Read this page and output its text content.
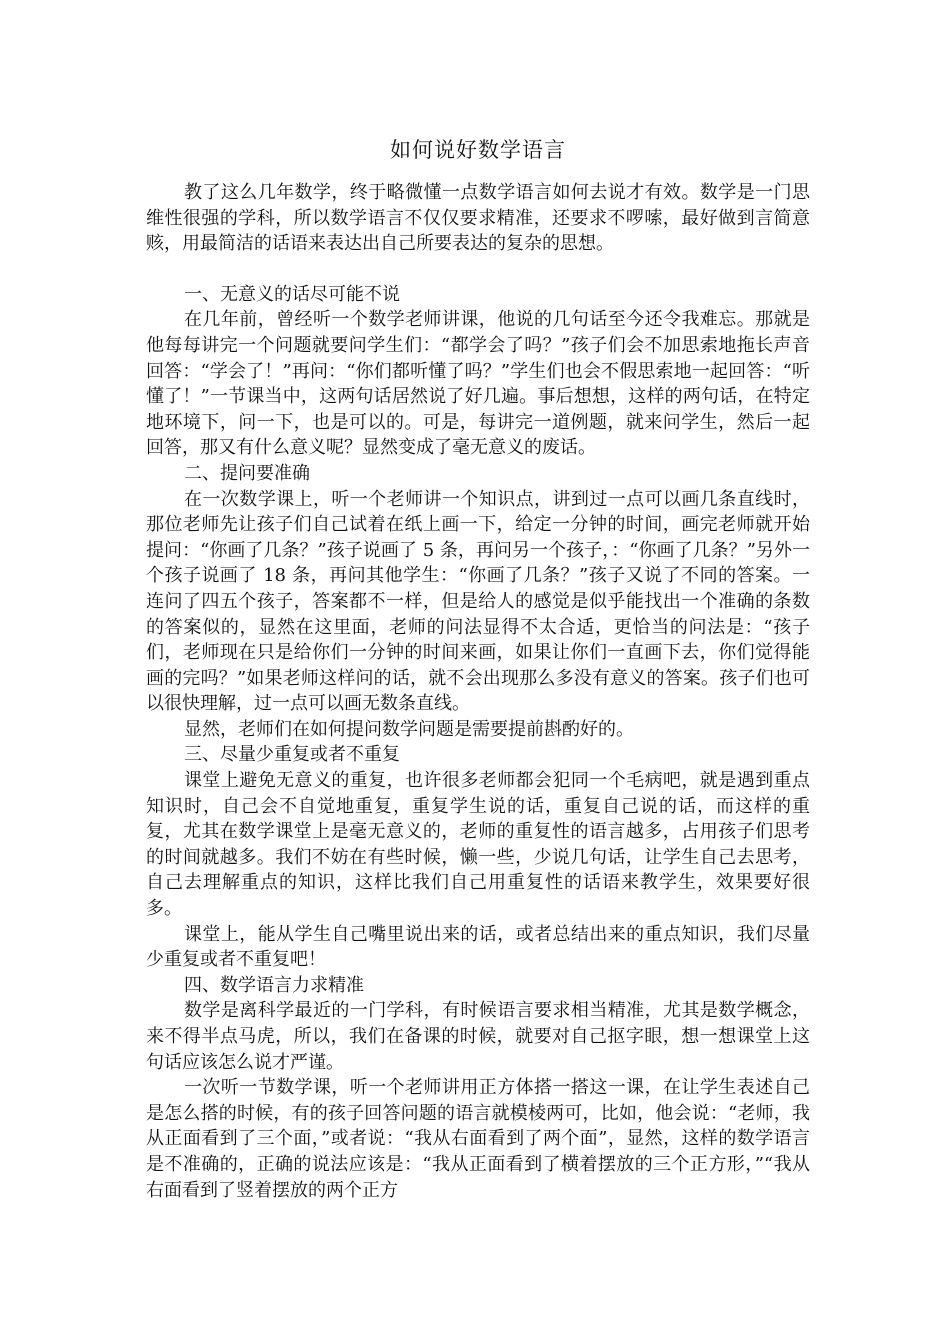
如何说好数学语言

教了这么几年数学，终于略微懂一点数学语言如何去说才有效。数学是一门思维性很强的学科，所以数学语言不仅仅要求精准，还要求不啰嗦，最好做到言简意赅，用最简洁的话语来表达出自己所要表达的复杂的思想。

一、无意义的话尽可能不说

在几年前，曾经听一个数学老师讲课，他说的几句话至今还令我难忘。那就是他每每讲完一个问题就要问学生们：“都学会了吗？”孩子们会不加思索地拖长声音回答：“学会了！”再问：“你们都听懂了吗？”学生们也会不假思索地一起回答：“听懂了！”一节课当中，这两句话居然说了好几遍。事后想想，这样的两句话，在特定地环境下，问一下，也是可以的。可是，每讲完一道例题，就来问学生，然后一起回答，那又有什么意义呢？显然变成了毫无意义的废话。

二、提问要准确

在一次数学课上，听一个老师讲一个知识点，讲到过一点可以画几条直线时，那位老师先让孩子们自己试着在纸上画一下，给定一分钟的时间，画完老师就开始提问：“你画了几条？”孩子说画了 5 条，再问另一个孩子，：“你画了几条？”另外一个孩子说画了 18 条，再问其他学生：“你画了几条？”孩子又说了不同的答案。一连问了四五个孩子，答案都不一样，但是给人的感觉是似乎能找出一个准确的条数的答案似的，显然在这里面，老师的问法显得不太合适，更恰当的问法是：“孩子们，老师现在只是给你们一分钟的时间来画，如果让你们一直画下去，你们觉得能画的完吗？”如果老师这样问的话，就不会出现那么多没有意义的答案。孩子们也可以很快理解，过一点可以画无数条直线。

显然，老师们在如何提问数学问题是需要提前斟酌好的。

三、尽量少重复或者不重复

课堂上避免无意义的重复，也许很多老师都会犯同一个毛病吧，就是遇到重点知识时，自己会不自觉地重复，重复学生说的话，重复自己说的话，而这样的重复，尤其在数学课堂上是毫无意义的，老师的重复性的语言越多，占用孩子们思考的时间就越多。我们不妨在有些时候，懒一些，少说几句话，让学生自己去思考，自己去理解重点的知识，这样比我们自己用重复性的话语来教学生，效果要好很多。

课堂上，能从学生自己嘴里说出来的话，或者总结出来的重点知识，我们尽量少重复或者不重复吧！

四、数学语言力求精准

数学是离科学最近的一门学科，有时候语言要求相当精准，尤其是数学概念，来不得半点马虎，所以，我们在备课的时候，就要对自己抠字眼，想一想课堂上这句话应该怎么说才严谨。

一次听一节数学课，听一个老师讲用正方体搭一搭这一课，在让学生表述自己是怎么搭的时候，有的孩子回答问题的语言就模棱两可，比如，他会说：“老师，我从正面看到了三个面，”或者说：“我从右面看到了两个面”，显然，这样的数学语言是不准确的，正确的说法应该是：“我从正面看到了横着摆放的三个正方形，”“我从右面看到了竖着摆放的两个正方
